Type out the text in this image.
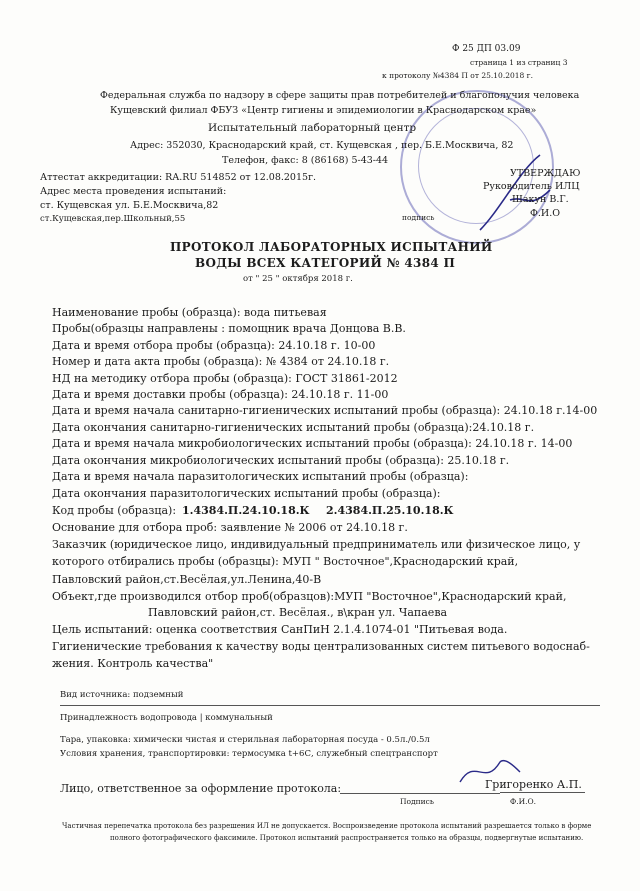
Ф 25 ДП 03.09
страница 1 из страниц 3
к протоколу №4384 П от 25.10.2018 г.
Федеральная служба по надзору в сфере защиты прав потребителей и благополучия человека
Кущевский филиал ФБУЗ «Центр гигиены и эпидемиологии в Краснодарском крае»
Испытательный лабораторный центр
Адрес: 352030, Краснодарский край, ст. Кущевская , пер. Б.Е.Москвича, 82
Телефон, факс: 8 (86168) 5-43-44
Аттестат аккредитации: RA.RU 514852 от 12.08.2015г.
Адрес места проведения испытаний:
ст. Кущевская ул. Б.Е.Москвича,82
ст.Кущевская,пер.Школьный,55	подпись
УТВЕРЖДАЮ
Руководитель ИЛЦ
Шакун В.Г.
Ф.И.О
ПРОТОКОЛ ЛАБОРАТОРНЫХ ИСПЫТАНИЙ
ВОДЫ ВСЕХ КАТЕГОРИЙ № 4384 П
от " 25 " октября 2018 г.
Наименование пробы (образца): вода питьевая
Пробы(образцы направлены : помощник врача Донцова В.В.
Дата и время отбора пробы (образца): 24.10.18 г. 10-00
Номер и дата акта пробы (образца): № 4384 от 24.10.18 г.
НД на методику отбора пробы (образца): ГОСТ 31861-2012
Дата и время доставки пробы (образца): 24.10.18 г. 11-00
Дата и время начала санитарно-гигиенических испытаний пробы (образца): 24.10.18 г.14-00
Дата окончания санитарно-гигиенических испытаний пробы (образца):24.10.18 г.
Дата и время начала микробиологических испытаний пробы (образца): 24.10.18 г. 14-00
Дата окончания микробиологических испытаний пробы (образца): 25.10.18 г.
Дата и время начала паразитологических испытаний пробы (образца):
Дата окончания паразитологических испытаний пробы (образца):
Код пробы (образца): 1.4384.П.24.10.18.К 2.4384.П.25.10.18.К
Основание для отбора проб: заявление № 2006 от 24.10.18 г.
Заказчик (юридическое лицо, индивидуальный предприниматель или физическое лицо, у
которого отбирались пробы (образцы): МУП " Восточное",Краснодарский край,
Павловский район,ст.Весёлая,ул.Ленина,40-В
Объект,где производился отбор проб(образцов):МУП "Восточное",Краснодарский край,
Павловский район,ст. Весёлая., в\кран ул. Чапаева
Цель испытаний: оценка соответствия СанПиН 2.1.4.1074-01 "Питьевая вода.
Гигиенические требования к качеству воды централизованных систем питьевого водоснаб-
жения. Контроль качества"
Вид источника: подземный
Принадлежность водопровода | коммунальный
Тара, упаковка: химически чистая и стерильная лабораторная посуда - 0.5л./0.5л
Условия хранения, транспортировки: термосумка t+6С, служебный спецтранспорт
Лицо, ответственное за оформление протокола:	Григоренко А.П.
Подпись	Ф.И.О.
Частичная перепечатка протокола без разрешения ИЛ не допускается. Воспроизведение протокола испытаний разрешается только в форме
полного фотографического факсимиле. Протокол испытаний распространяется только на образцы, подвергнутые испытанию.
